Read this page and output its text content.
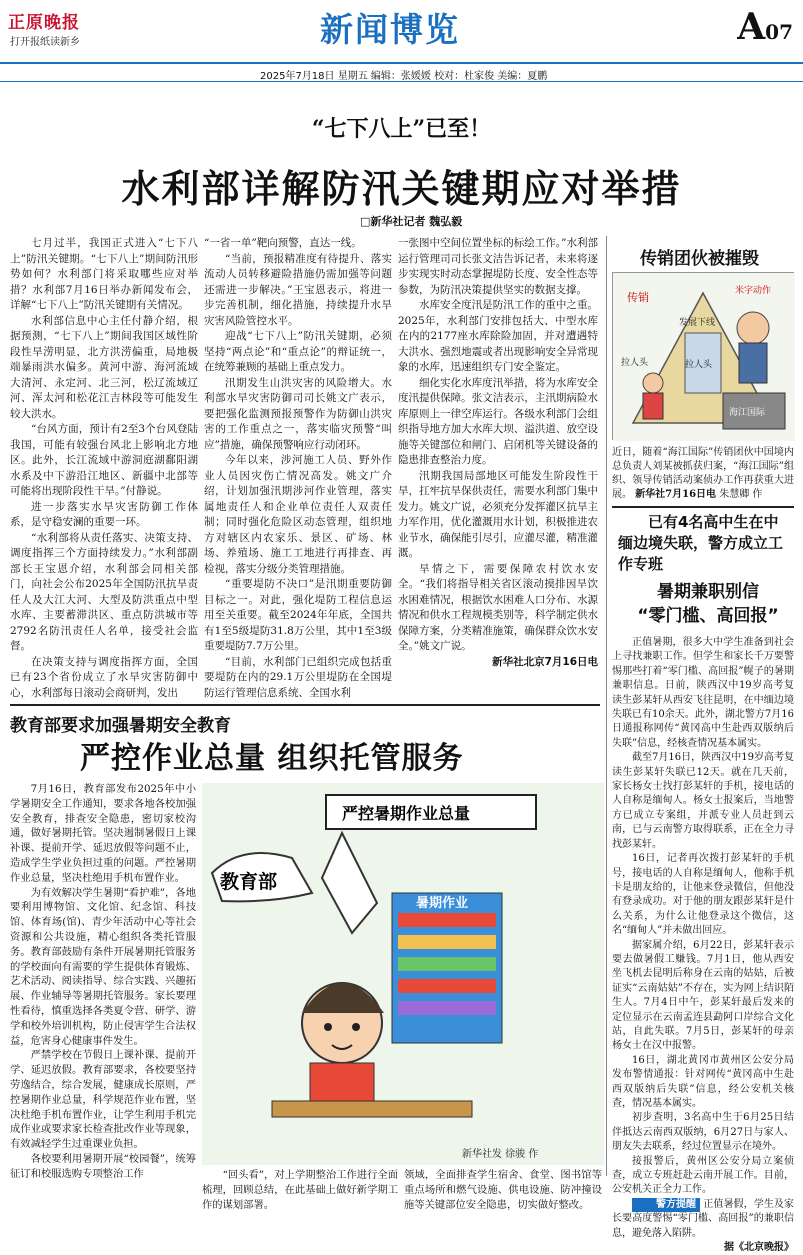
正原晚报
打开报纸读新乡	新闻博览	A07
2025年7月18日 星期五 编辑：张媛媛 校对：杜家俊 美编：夏鹏
“七下八上”已至！
水利部详解防汛关键期应对举措
□新华社记者 魏弘毅

七月过半，我国正式进入“七下八上”防汛关键期。“七下八上”期间防汛形势如何？水利部门将采取哪些应对举措？水利部7月16日举办新闻发布会，详解“七下八上”防汛关键期有关情况。

水利部信息中心主任付静介绍，根据预测，“七下八上”期间我国区域性阶段性旱涝明显，北方洪涝偏重，局地极端暴雨洪水偏多。黄河中游、海河流域大清河、永定河、北三河，松辽流域辽河、浑太河和松花江吉林段等可能发生较大洪水。

“台风方面，预计有2至3个台风登陆我国，可能有较强台风北上影响北方地区。此外，长江流域中游洞庭湖鄱阳湖水系及中下游沿江地区、新疆中北部等可能将出现阶段性干旱。”付静说。

进一步落实水旱灾害防御工作体系，是守稳安澜的重要一环。

“水利部将从责任落实、决策支持、调度指挥三个方面持续发力。”水利部副部长王宝恩介绍，水利部会同相关部门，向社会公布2025年全国防汛抗旱责任人及大江大河、大型及防洪重点中型水库、主要蓄滞洪区、重点防洪城市等2792名防汛责任人名单，接受社会监督。

在决策支持与调度指挥方面，全国已有23个省份成立了水旱灾害防御中心，水利部每日滚动会商研判，发出

“一省一单”靶向预警，直达一线。

“当前，预报精准度有待提升、落实流动人员转移避险措施仍需加强等问题还需进一步解决。”王宝恩表示，将进一步完善机制，细化措施，持续提升水旱灾害风险管控水平。

迎战“七下八上”防汛关键期，必须坚持“两点论”和“重点论”的辩证统一，在统筹兼顾的基础上重点发力。

汛期发生山洪灾害的风险增大。水利部水旱灾害防御司司长姚文广表示，要把强化监测预报预警作为防御山洪灾害的工作重点之一，落实临灾预警“叫应”措施，确保预警响应行动闭环。

今年以来，涉河施工人员、野外作业人员因灾伤亡情况高发。姚文广介绍，计划加强汛期涉河作业管理，落实属地责任人和企业单位责任人双责任制；同时强化危险区动态管理，组织地方对辖区内农家乐、景区、矿场、林场、养殖场、施工工地进行再排查、再检视，落实分级分类管理措施。

“重要堤防不决口”是汛期重要防御目标之一。对此，强化堤防工程信息运用至关重要。截至2024年年底，全国共有1至5级堤防31.8万公里，其中1至3级重要堤防7.7万公里。

“目前，水利部门已组织完成包括重要堤防在内的29.1万公里堤防在全国堤防运行管理信息系统、全国水利

一张图中空间位置坐标的标绘工作。”水利部运行管理司司长张文洁告诉记者，未来将逐步实现实时动态掌握堤防长度、安全性态等参数，为防汛决策提供坚实的数据支撑。

水库安全度汛是防汛工作的重中之重。2025年，水利部门安排包括大、中型水库在内的2177座水库除险加固，并对遭遇特大洪水、强烈地震或者出现影响安全异常现象的水库，迅速组织专门安全鉴定。

细化实化水库度汛举措，将为水库安全度汛提供保障。张文洁表示，主汛期病险水库原则上一律空库运行。各级水利部门会组织指导地方加大水库大坝、溢洪道、放空设施等关键部位和闸门、启闭机等关键设备的隐患排查整治力度。

汛期我国局部地区可能发生阶段性干旱，扛牢抗旱保供责任，需要水利部门集中发力。姚文广说，必须充分发挥灌区抗旱主力军作用，优化灌溉用水计划，积极推进农业节水，确保能引尽引，应灌尽灌，精准灌溉。

旱情之下，需要保障农村饮水安全。“我们将指导相关省区滚动摸排因旱饮水困难情况，根据饮水困难人口分布、水源情况和供水工程规模类别等，科学制定供水保障方案，分类精准施策，确保群众饮水安全。”姚文广说。

新华社北京7月16日电
传销团伙被摧毁
传销
拉人头
发展下线
米字动作
海江国际
拉人头
近日，随着“海江国际”传销团伙中国境内总负责人刘某被抓获归案，“海江国际”组织、领导传销活动案侦办工作再获重大进展。 新华社7月16日电 朱慧卿 作
已有4名高中生在中
缅边境失联，警方成立工
作专班
暑期兼职别信
“零门槛、高回报”

正值暑期，很多大中学生准备到社会上寻找兼职工作。但学生和家长千万要警惕那些打着“零门槛、高回报”幌子的暑期兼职信息。日前，陕西汉中19岁高考复读生彭某轩从西安飞往昆明，在中缅边境失联已有10余天。此外，湖北警方7月16日通报称网传“黄冈高中生赴西双版纳后失联”信息，经核查情况基本属实。

截至7月16日，陕西汉中19岁高考复读生彭某轩失联已12天。就在几天前，家长杨女士找打彭某轩的手机，接电话的人自称是缅甸人。杨女士报案后，当地警方已成立专案组，并派专业人员赶到云南，已与云南警方取得联系，正在全力寻找彭某轩。

16日，记者再次拨打彭某轩的手机号，接电话的人自称是缅甸人，他称手机卡是朋友给的，让他来登录微信，但他没有登录成功。对于他的朋友跟彭某轩是什么关系，为什么让他登录这个微信，这名“缅甸人”并未做出回应。

据家属介绍，6月22日，彭某轩表示要去做暑假工赚钱。7月1日，他从西安坐飞机去昆明后称身在云南的姑姑，后被证实“云南姑姑”不存在，实为网上结识陌生人。7月4日中午，彭某轩最后发来的定位显示在云南孟连县勐阿口岸综合文化站，自此失联。7月5日，彭某轩的母亲杨女士在汉中报警。

16日，湖北黄冈市黄州区公安分局发布警情通报：针对网传“黄冈高中生赴西双版纳后失联”信息，经公安机关核查，情况基本属实。

初步查明，3名高中生于6月25日结伴抵达云南西双版纳，6月27日与家人、朋友失去联系，经过位置显示在境外。

接报警后，黄州区公安分局立案侦查，成立专班赶赴云南开展工作。目前，公安机关正全力工作。

警方提醒 正值暑假，学生及家长要高度警惕“零门槛、高回报”的兼职信息，避免落入陷阱。

据《北京晚报》
教育部要求加强暑期安全教育
严控作业总量 组织托管服务

7月16日，教育部发布2025年中小学暑期安全工作通知，要求各地各校加强安全教育，排查安全隐患，密切家校沟通，做好暑期托管。坚决遏制暑假日上课补课、提前开学、延迟放假等问题不止，造成学生学业负担过重的问题。严控暑期作业总量，坚决杜绝用手机布置作业。

为有效解决学生暑期“看护难”，各地要利用博物馆、文化馆、纪念馆、科技馆、体育场(馆)、青少年活动中心等社会资源和公共设施，精心组织各类托管服务。教育部鼓励有条件开展暑期托管服务的学校面向有需要的学生提供体育锻炼、艺术活动、阅读指导、综合实践、兴趣拓展、作业辅导等暑期托管服务。家长要理性看待，慎重选择各类夏令营、研学、游学和校外培训机构，防止侵害学生合法权益，危害身心健康事件发生。

严禁学校在节假日上课补课、提前开学、延迟放假。教育部要求，各校要坚持劳逸结合，综合发展，健康成长原则，严控暑期作业总量，科学规范作业布置，坚决杜绝手机布置作业，让学生利用手机完成作业或要求家长检查批改作业等现象，有效减轻学生过重课业负担。

各校要利用暑期开展“校园餐”，统筹征订和校服选购专项整治工作

严控暑期作业总量
教育部
暑期作业
新华社发 徐骏 作

“回头看”，对上学期整治工作进行全面梳理，回顾总结，在此基础上做好新学期工作的谋划部署。

领域，全面排查学生宿舍、食堂、图书馆等重点场所和燃气设施、供电设施、防冲撞设施等关键部位安全隐患，切实做好整改。
